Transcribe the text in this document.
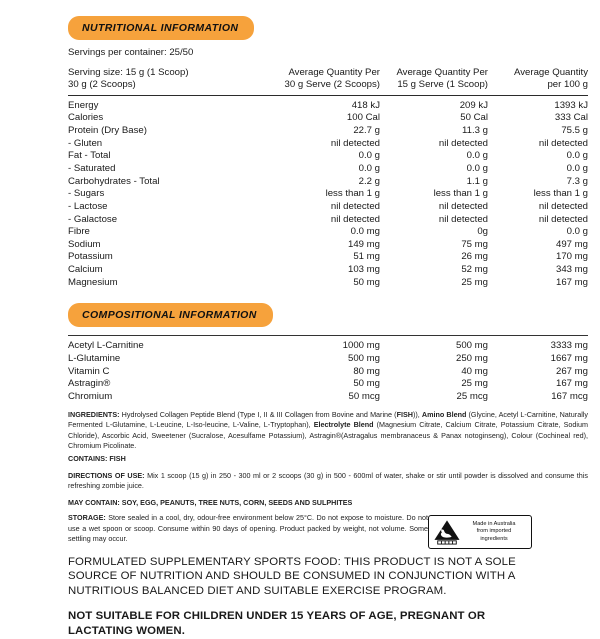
NUTRITIONAL INFORMATION
Servings per container: 25/50
Serving size: 15 g (1 Scoop)
30 g (2 Scoops)

Average Quantity Per
30 g Serve (2 Scoops)

Average Quantity Per
15 g Serve (1 Scoop)

Average Quantity
per 100 g
Energy	418 kJ	209 kJ	1393 kJ
Calories	100 Cal	50 Cal	333 Cal
Protein (Dry Base)	22.7 g	11.3 g	75.5 g
- Gluten	nil detected	nil detected	nil detected
Fat - Total	0.0 g	0.0 g	0.0 g
- Saturated	0.0 g	0.0 g	0.0 g
Carbohydrates - Total	2.2 g	1.1 g	7.3 g
- Sugars	less than 1 g	less than 1 g	less than 1 g
- Lactose	nil detected	nil detected	nil detected
- Galactose	nil detected	nil detected	nil detected
Fibre	0.0 mg	0g	0.0 g
Sodium	149 mg	75 mg	497 mg
Potassium	51 mg	26 mg	170 mg
Calcium	103 mg	52 mg	343 mg
Magnesium	50 mg	25 mg	167 mg
COMPOSITIONAL INFORMATION
Acetyl L-Carnitine	1000 mg	500 mg	3333 mg
L-Glutamine	500 mg	250 mg	1667 mg
Vitamin C	80 mg	40 mg	267 mg
Astragin®	50 mg	25 mg	167 mg
Chromium	50 mcg	25 mcg	167 mcg
INGREDIENTS: Hydrolysed Collagen Peptide Blend (Type I, II & III Collagen from Bovine and Marine (FISH)), Amino Blend (Glycine, Acetyl L-Carnitine, Naturally Fermented L-Glutamine, L-Leucine, L-Iso-leucine, L-Valine, L-Tryptophan), Electrolyte Blend (Magnesium Citrate, Calcium Citrate, Potassium Citrate, Sodium Chloride), Ascorbic Acid, Sweetener (Sucralose, Acesulfame Potassium), Astragin®(Astragalus membranaceus & Panax notoginseng), Colour (Cochineal red), Chromium Picolinate.
CONTAINS: FISH
DIRECTIONS OF USE: Mix 1 scoop (15 g) in 250 - 300 ml or 2 scoops (30 g) in 500 - 600ml of water, shake or stir until powder is dissolved and consume this refreshing zombie juice.
MAY CONTAIN: SOY, EGG, PEANUTS, TREE NUTS, CORN, SEEDS AND SULPHITES
STORAGE: Store sealed in a cool, dry, odour-free environment below 25°C. Do not expose to moisture. Do not use a wet spoon or scoop. Consume within 90 days of opening. Product packed by weight, not volume. Some settling may occur.
Made in Australia
from imported
ingredients
FORMULATED SUPPLEMENTARY SPORTS FOOD: THIS PRODUCT IS NOT A SOLE SOURCE OF NUTRITION AND SHOULD BE CONSUMED IN CONJUNCTION WITH A NUTRITIOUS BALANCED DIET AND SUITABLE EXERCISE PROGRAM.
NOT SUITABLE FOR CHILDREN UNDER 15 YEARS OF AGE, PREGNANT OR LACTATING WOMEN.
